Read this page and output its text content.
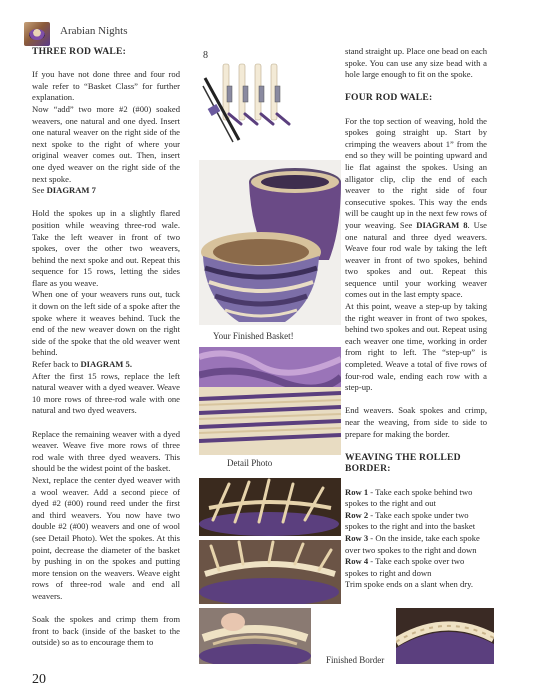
Arabian Nights

THREE ROD WALE:

If you have not done three and four rod wale refer to “Basket Class” for further explanation.

Now “add” two more #2 (#00) soaked weavers, one natural and one dyed. Insert one natural weaver on the right side of the next spoke to the right of where your original weaver comes out. Then, insert one dyed weaver on the right side of the next spoke.

See DIAGRAM 7

Hold the spokes up in a slightly flared position while weaving three-rod wale. Take the left weaver in front of two spokes, over the other two weavers, behind the next spoke and out. Repeat this sequence for 15 rows, letting the sides flare as you weave.

When one of your weavers runs out, tuck it down on the left side of a spoke after the spoke where it weaves behind. Tuck the end of the new weaver down on the right side of the spoke that the old weaver went behind.

Refer back to DIAGRAM 5.

After the first 15 rows, replace the left natural weaver with a dyed weaver. Weave 10 more rows of three-rod wale with one natural and two dyed weavers.

Replace the remaining weaver with a dyed weaver. Weave five more rows of three rod wale with three dyed weavers. This should be the widest point of the basket.

Next, replace the center dyed weaver with a wool weaver. Add a second piece of dyed #2 (#00) round reed under the first and third weavers. You now have two double #2 (#00) weavers and one of wool (see Detail Photo). Wet the spokes. At this point, decrease the diameter of the basket by pushing in on the spokes and putting more tension on the weavers. Weave eight rows of three-rod wale and end all weavers.

Soak the spokes and crimp them from front to back (inside of the basket to the outside) so as to encourage them to

8
Your Finished Basket!
Detail Photo

stand straight up. Place one bead on each spoke. You can use any size bead with a hole large enough to fit on the spoke.

FOUR ROD WALE:

For the top section of weaving, hold the spokes going straight up. Start by crimping the weavers about 1” from the end so they will be pointing upward and lie flat against the spokes. Using an alligator clip, clip the end of each weaver to the right side of four consecutive spokes. This way the ends will be caught up in the next few rows of your weaving. See DIAGRAM 8. Use one natural and three dyed weavers. Weave four rod wale by taking the left weaver in front of two spokes, behind two spokes and out. Repeat this sequence until your working weaver comes out in the last empty space.

At this point, weave a step-up by taking the right weaver in front of two spokes, behind two spokes and out. Repeat using each weaver one time, working in order from right to left. The “step-up” is completed. Weave a total of five rows of four-rod wale, ending each row with a step-up.

End weavers. Soak spokes and crimp, near the weaving, from side to side to prepare for making the border.

WEAVING THE ROLLED BORDER:

Row 1 - Take each spoke behind two spokes to the right and out

Row 2 - Take each spoke under two spokes to the right and into the basket

Row 3 - On the inside, take each spoke over two spokes to the right and down

Row 4 - Take each spoke over two spokes to right and down

Trim spoke ends on a slant when dry.

Finished Border
20
